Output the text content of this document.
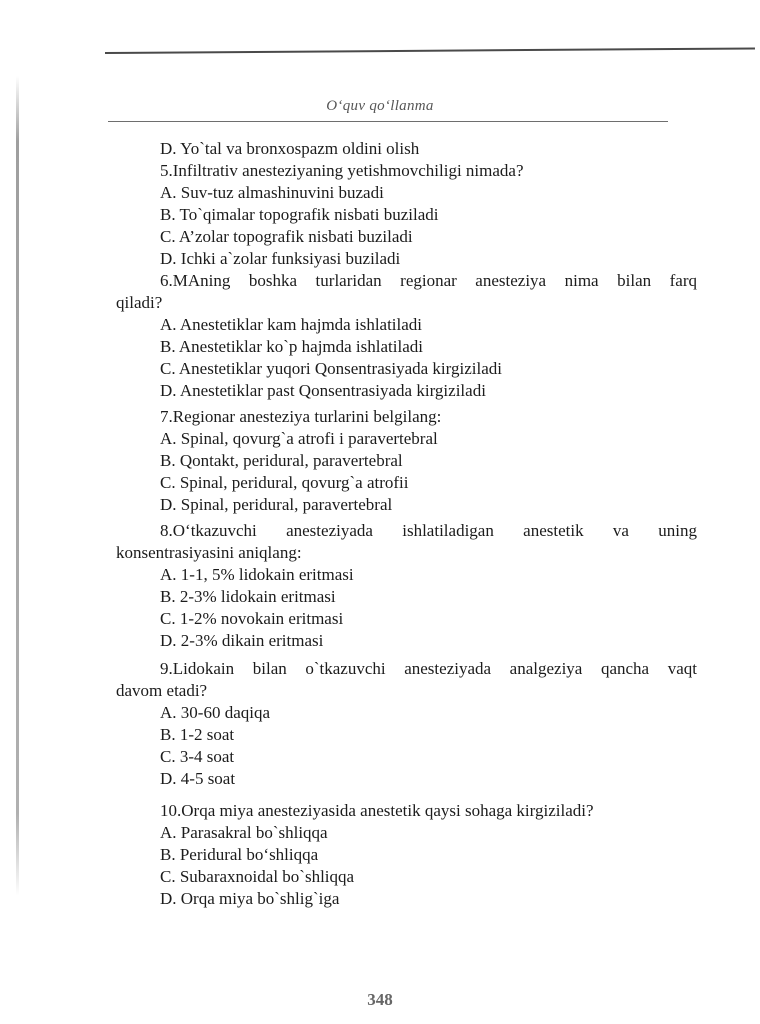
O‘quv qo‘llanma
D. Yo`tal va bronxospazm oldini olish
5.Infiltrativ anesteziyaning yetishmovchiligi nimada?
A. Suv-tuz almashinuvini buzadi
B. To`qimalar topografik nisbati buziladi
C. A’zolar topografik nisbati buziladi
D. Ichki a`zolar funksiyasi buziladi
6.MAning boshka turlaridan regionar anesteziya nima bilan farq
qiladi?
A. Anestetiklar kam hajmda ishlatiladi
B. Anestetiklar ko`p hajmda ishlatiladi
C. Anestetiklar yuqori Qonsentrasiyada kirgiziladi
D. Anestetiklar past Qonsentrasiyada kirgiziladi
7.Regionar anesteziya turlarini belgilang:
A. Spinal, qovurg`a atrofi i paravertebral
B. Qontakt, peridural, paravertebral
C. Spinal, peridural, qovurg`a atrofii
D. Spinal, peridural, paravertebral
8.O‘tkazuvchi anesteziyada ishlatiladigan anestetik va uning
konsentrasiyasini aniqlang:
A. 1-1, 5% lidokain eritmasi
B. 2-3% lidokain eritmasi
C. 1-2% novokain eritmasi
D. 2-3% dikain eritmasi
9.Lidokain bilan o`tkazuvchi anesteziyada analgeziya qancha vaqt
davom etadi?
A. 30-60 daqiqa
B. 1-2 soat
C. 3-4 soat
D. 4-5 soat
10.Orqa miya anesteziyasida anestetik qaysi sohaga kirgiziladi?
A. Parasakral bo`shliqqa
B. Peridural bo‘shliqqa
C. Subaraxnoidal bo`shliqqa
D. Orqa miya bo`shlig`iga
348
